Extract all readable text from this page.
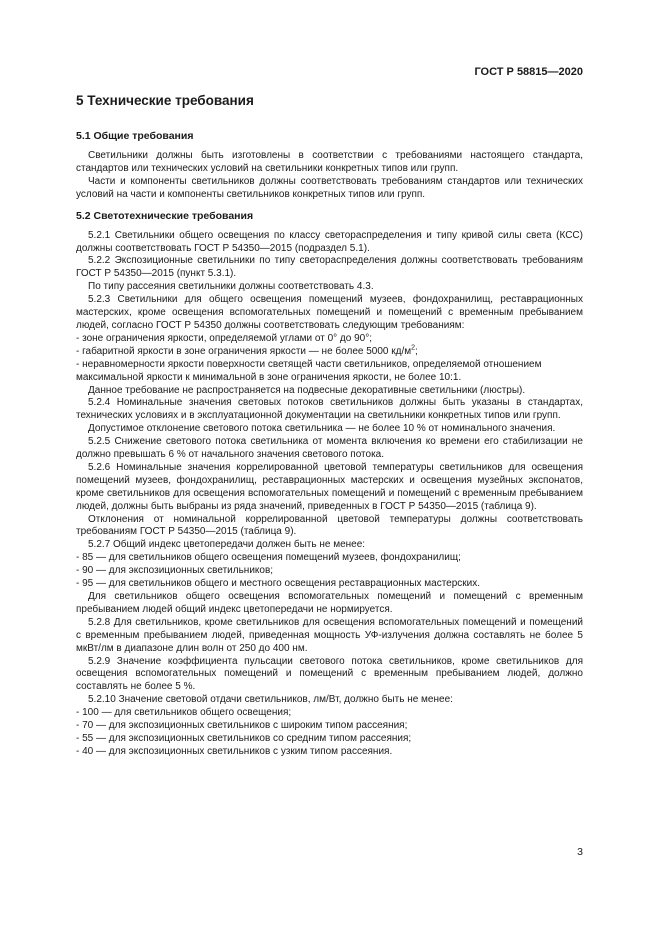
ГОСТ Р 58815—2020
5 Технические требования
5.1 Общие требования

Светильники должны быть изготовлены в соответствии с требованиями настоящего стандарта, стандартов или технических условий на светильники конкретных типов или групп.

Части и компоненты светильников должны соответствовать требованиям стандартов или технических условий на части и компоненты светильников конкретных типов или групп.

5.2 Светотехнические требования

5.2.1 Светильники общего освещения по классу светораспределения и типу кривой силы света (КСС) должны соответствовать ГОСТ Р 54350—2015 (подраздел 5.1).

5.2.2 Экспозиционные светильники по типу светораспределения должны соответствовать требованиям ГОСТ Р 54350—2015 (пункт 5.3.1).

По типу рассеяния светильники должны соответствовать 4.3.

5.2.3 Светильники для общего освещения помещений музеев, фондохранилищ, реставрационных мастерских, кроме освещения вспомогательных помещений и помещений с временным пребыванием людей, согласно ГОСТ Р 54350 должны соответствовать следующим требованиям:

- зоне ограничения яркости, определяемой углами от 0° до 90°;
- габаритной яркости в зоне ограничения яркости — не более 5000 $кд/м^2$;
- неравномерности яркости поверхности светящей части светильников, определяемой отношением максимальной яркости к минимальной в зоне ограничения яркости, не более 10:1.

Данное требование не распространяется на подвесные декоративные светильники (люстры).

5.2.4 Номинальные значения световых потоков светильников должны быть указаны в стандартах, технических условиях и в эксплуатационной документации на светильники конкретных типов или групп.

Допустимое отклонение светового потока светильника — не более 10 % от номинального значения.

5.2.5 Снижение светового потока светильника от момента включения ко времени его стабилизации не должно превышать 6 % от начального значения светового потока.

5.2.6 Номинальные значения коррелированной цветовой температуры светильников для освещения помещений музеев, фондохранилищ, реставрационных мастерских и освещения музейных экспонатов, кроме светильников для освещения вспомогательных помещений и помещений с временным пребыванием людей, должны быть выбраны из ряда значений, приведенных в ГОСТ Р 54350—2015 (таблица 9).

Отклонения от номинальной коррелированной цветовой температуры должны соответствовать требованиям ГОСТ Р 54350—2015 (таблица 9).

5.2.7 Общий индекс цветопередачи должен быть не менее:

- 85 — для светильников общего освещения помещений музеев, фондохранилищ;
- 90 — для экспозиционных светильников;
- 95 — для светильников общего и местного освещения реставрационных мастерских.

Для светильников общего освещения вспомогательных помещений и помещений с временным пребыванием людей общий индекс цветопередачи не нормируется.

5.2.8 Для светильников, кроме светильников для освещения вспомогательных помещений и помещений с временным пребыванием людей, приведенная мощность УФ-излучения должна составлять не более 5 мкВт/лм в диапазоне длин волн от 250 до 400 нм.

5.2.9 Значение коэффициента пульсации светового потока светильников, кроме светильников для освещения вспомогательных помещений и помещений с временным пребыванием людей, должно составлять не более 5 %.

5.2.10 Значение световой отдачи светильников, лм/Вт, должно быть не менее:

- 100 — для светильников общего освещения;
- 70 — для экспозиционных светильников с широким типом рассеяния;
- 55 — для экспозиционных светильников со средним типом рассеяния;
- 40 — для экспозиционных светильников с узким типом рассеяния.
3
